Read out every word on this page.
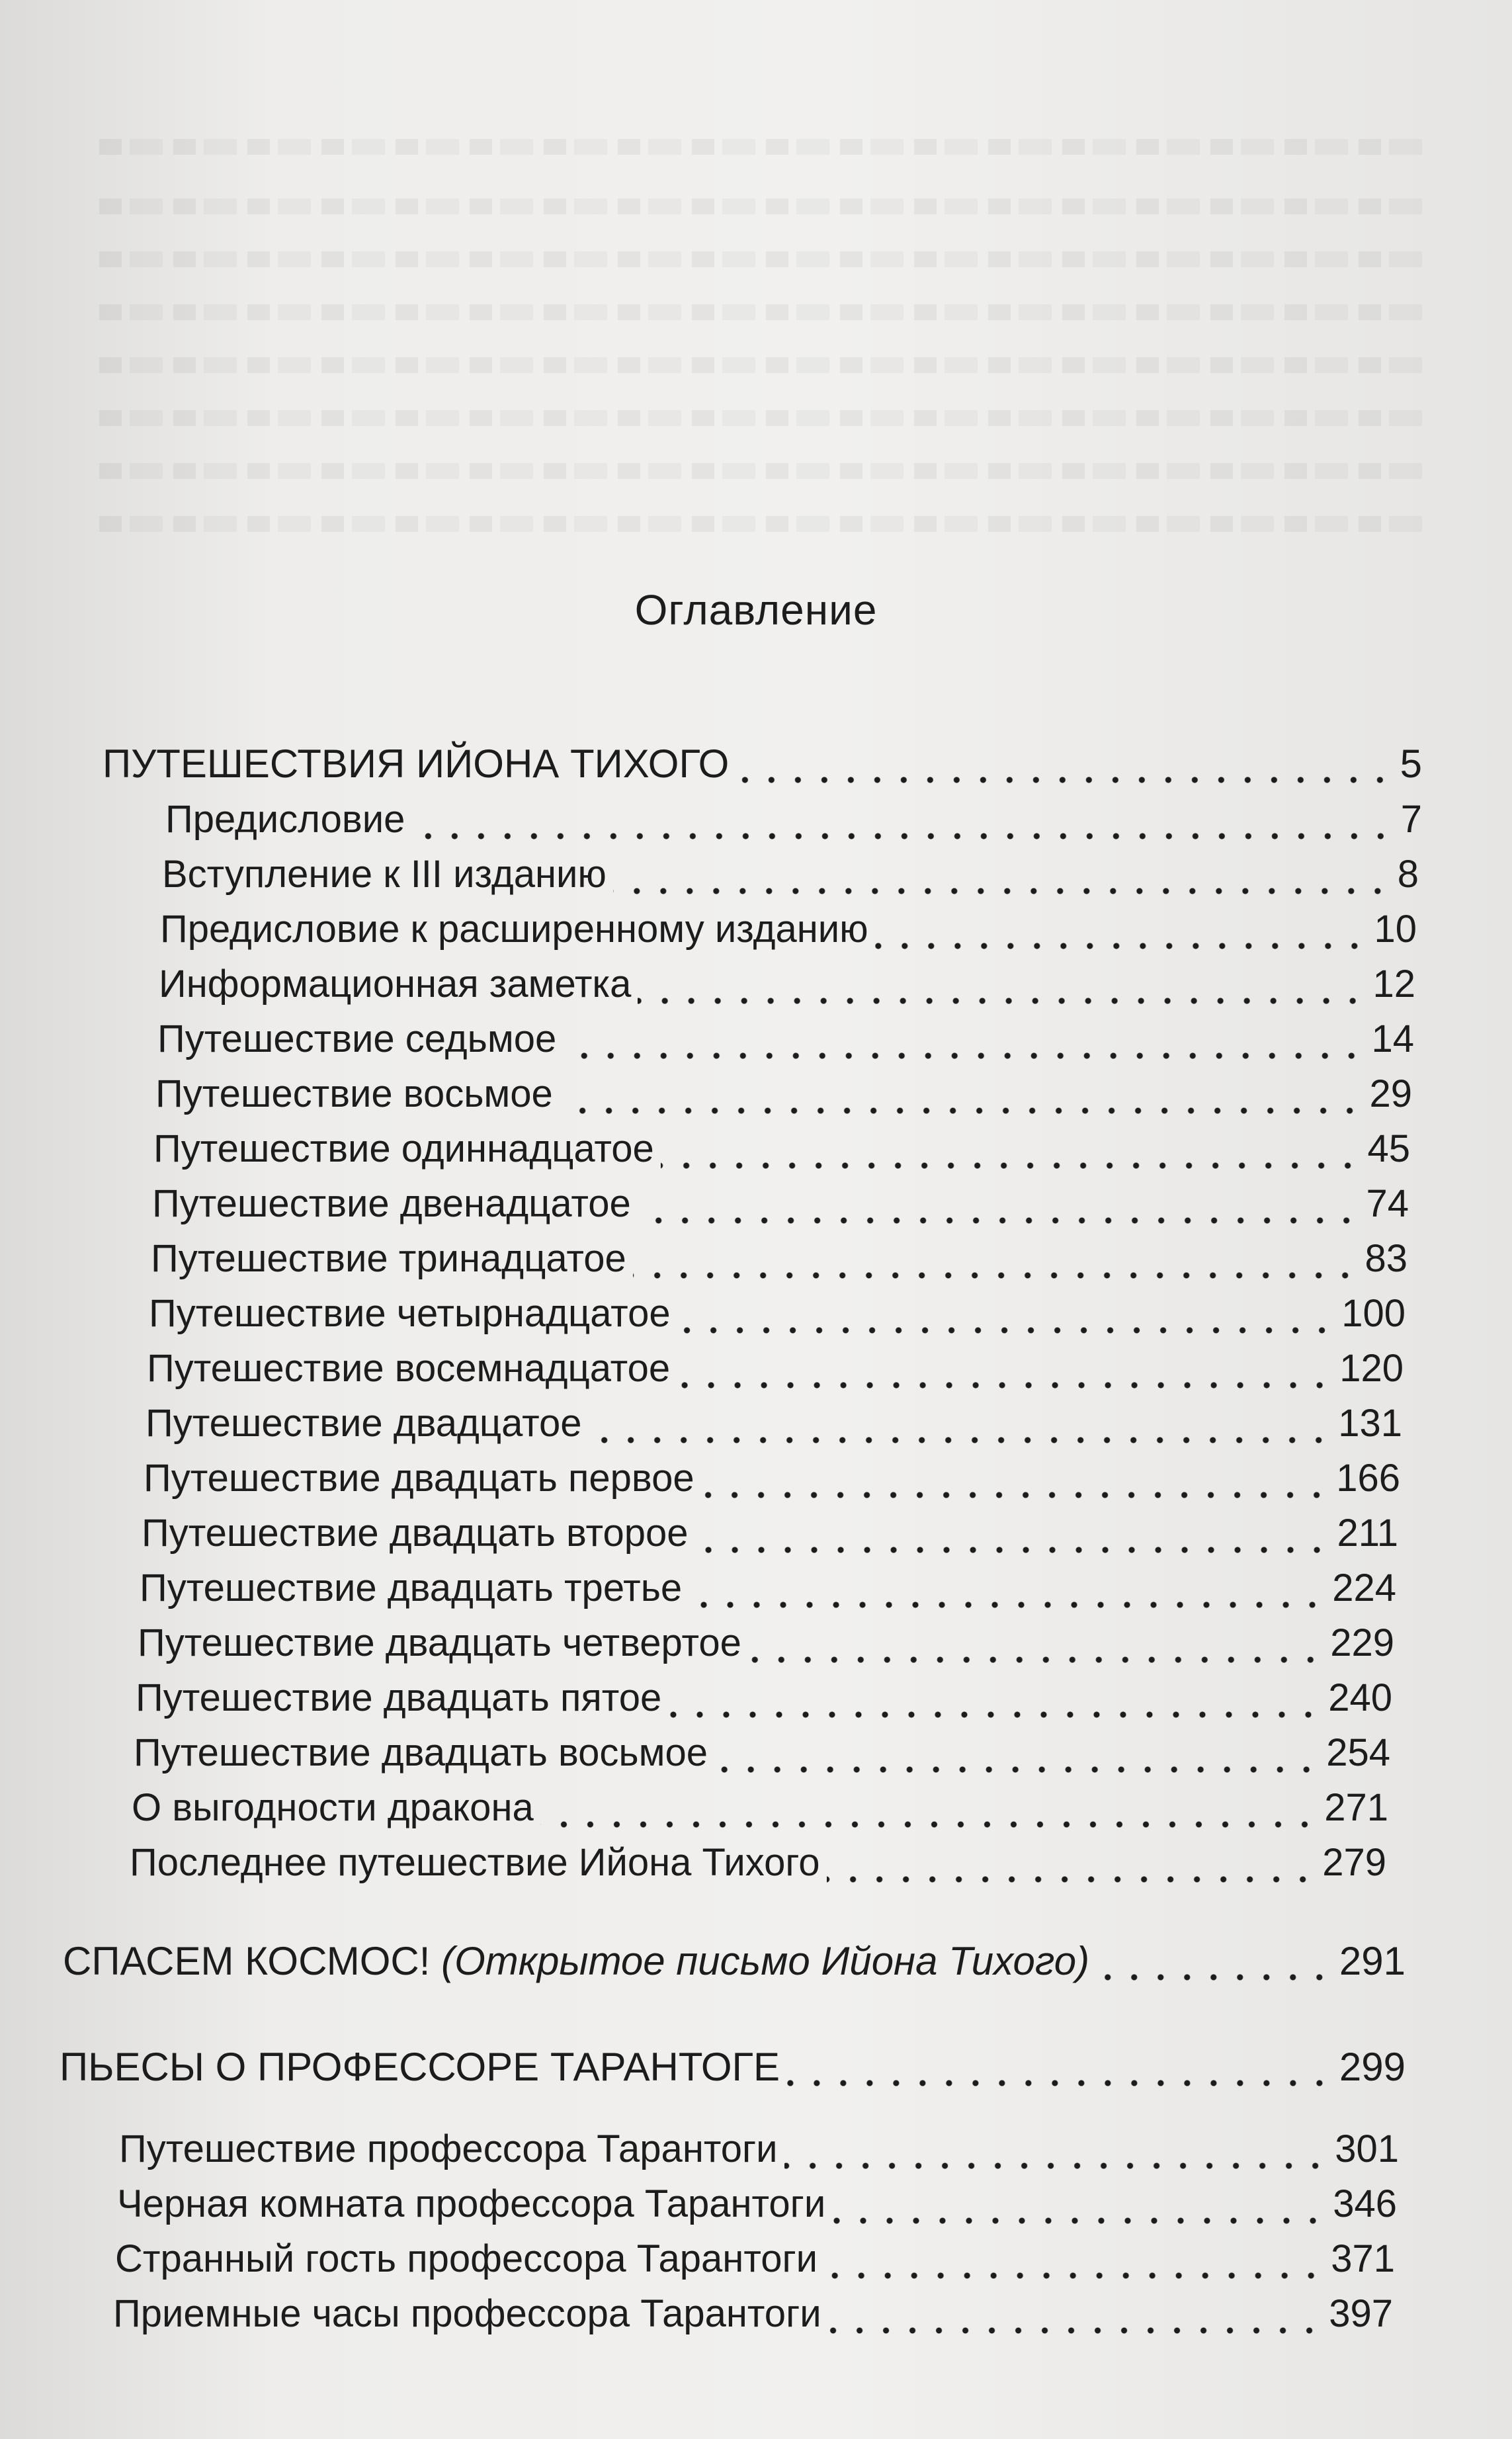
Оглавление
ПУТЕШЕСТВИЯ ИЙОНА ТИХОГО	5
Предисловие	7
Вступление к III изданию	8
Предисловие к расширенному изданию	10
Информационная заметка	12
Путешествие седьмое	14
Путешествие восьмое	29
Путешествие одиннадцатое	45
Путешествие двенадцатое	74
Путешествие тринадцатое	83
Путешествие четырнадцатое	100
Путешествие восемнадцатое	120
Путешествие двадцатое	131
Путешествие двадцать первое	166
Путешествие двадцать второе	211
Путешествие двадцать третье	224
Путешествие двадцать четвертое	229
Путешествие двадцать пятое	240
Путешествие двадцать восьмое	254
О выгодности дракона	271
Последнее путешествие Ийона Тихого	279
СПАСЕМ КОСМОС! (Открытое письмо Ийона Тихого)	291
ПЬЕСЫ О ПРОФЕССОРЕ ТАРАНТОГЕ	299
Путешествие профессора Тарантоги	301
Черная комната профессора Тарантоги	346
Странный гость профессора Тарантоги	371
Приемные часы профессора Тарантоги	397
